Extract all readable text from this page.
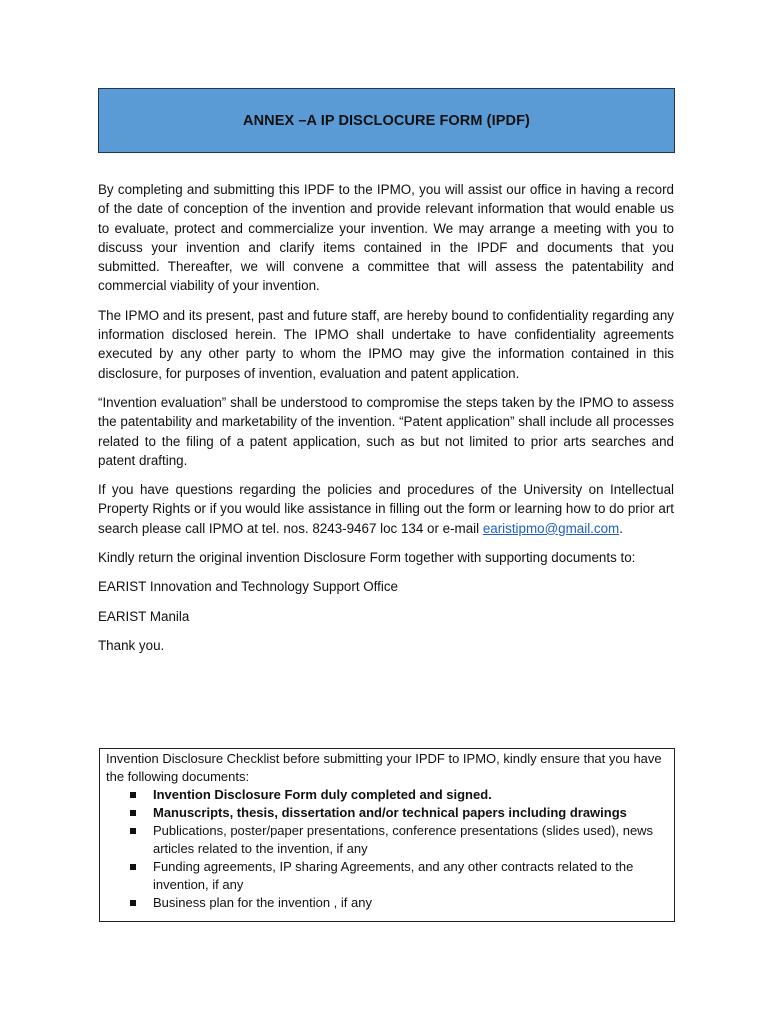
ANNEX –A IP DISCLOCURE FORM (IPDF)

By completing and submitting this IPDF to the IPMO, you will assist our office in having a record of the date of conception of the invention and provide relevant information that would enable us to evaluate, protect and commercialize your invention. We may arrange a meeting with you to discuss your invention and clarify items contained in the IPDF and documents that you submitted. Thereafter, we will convene a committee that will assess the patentability and commercial viability of your invention.

The IPMO and its present, past and future staff, are hereby bound to confidentiality regarding any information disclosed herein. The IPMO shall undertake to have confidentiality agreements executed by any other party to whom the IPMO may give the information contained in this disclosure, for purposes of invention, evaluation and patent application.

“Invention evaluation” shall be understood to compromise the steps taken by the IPMO to assess the patentability and marketability of the invention. “Patent application” shall include all processes related to the filing of a patent application, such as but not limited to prior arts searches and patent drafting.

If you have questions regarding the policies and procedures of the University on Intellectual Property Rights or if you would like assistance in filling out the form or learning how to do prior art search please call IPMO at tel. nos. 8243-9467 loc 134 or e-mail earistipmo@gmail.com.

Kindly return the original invention Disclosure Form together with supporting documents to:

EARIST Innovation and Technology Support Office

EARIST Manila

Thank you.

Invention Disclosure Checklist before submitting your IPDF to IPMO, kindly ensure that you have the following documents:

Invention Disclosure Form duly completed and signed.
Manuscripts, thesis, dissertation and/or technical papers including drawings
Publications, poster/paper presentations, conference presentations (slides used), news articles related to the invention, if any
Funding agreements, IP sharing Agreements, and any other contracts related to the invention, if any
Business plan for the invention , if any
